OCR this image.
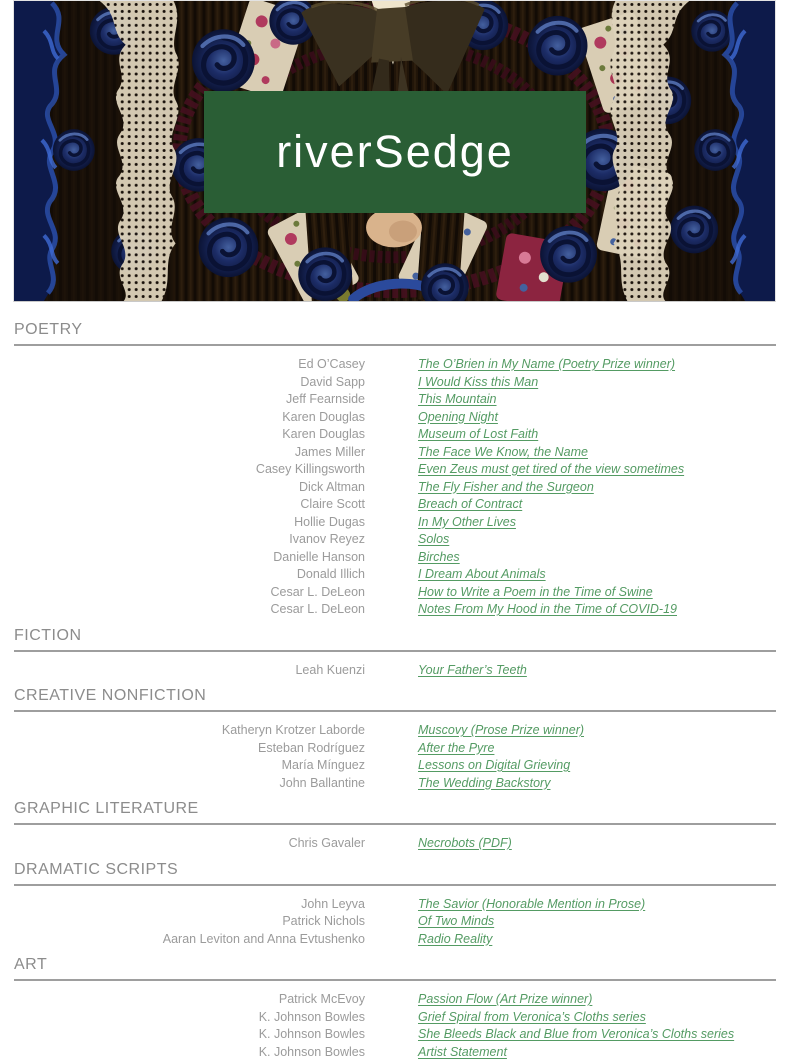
riverSedge
POETRY
Ed O’Casey	The O’Brien in My Name (Poetry Prize winner)
David Sapp	I Would Kiss this Man
Jeff Fearnside	This Mountain
Karen Douglas	Opening Night
Karen Douglas	Museum of Lost Faith
James Miller	The Face We Know, the Name
Casey Killingsworth	Even Zeus must get tired of the view sometimes
Dick Altman	The Fly Fisher and the Surgeon
Claire Scott	Breach of Contract
Hollie Dugas	In My Other Lives
Ivanov Reyez	Solos
Danielle Hanson	Birches
Donald Illich	I Dream About Animals
Cesar L. DeLeon	How to Write a Poem in the Time of Swine
Cesar L. DeLeon	Notes From My Hood in the Time of COVID-19
FICTION
Leah Kuenzi	Your Father’s Teeth
CREATIVE NONFICTION
Katheryn Krotzer Laborde	Muscovy (Prose Prize winner)
Esteban Rodríguez	After the Pyre
María Mínguez	Lessons on Digital Grieving
John Ballantine	The Wedding Backstory
GRAPHIC LITERATURE
Chris Gavaler	Necrobots (PDF)
DRAMATIC SCRIPTS
John Leyva	The Savior (Honorable Mention in Prose)
Patrick Nichols	Of Two Minds
Aaran Leviton and Anna Evtushenko	Radio Reality
ART
Patrick McEvoy	Passion Flow (Art Prize winner)
K. Johnson Bowles	Grief Spiral from Veronica’s Cloths series
K. Johnson Bowles	She Bleeds Black and Blue from Veronica’s Cloths series
K. Johnson Bowles	Artist Statement
